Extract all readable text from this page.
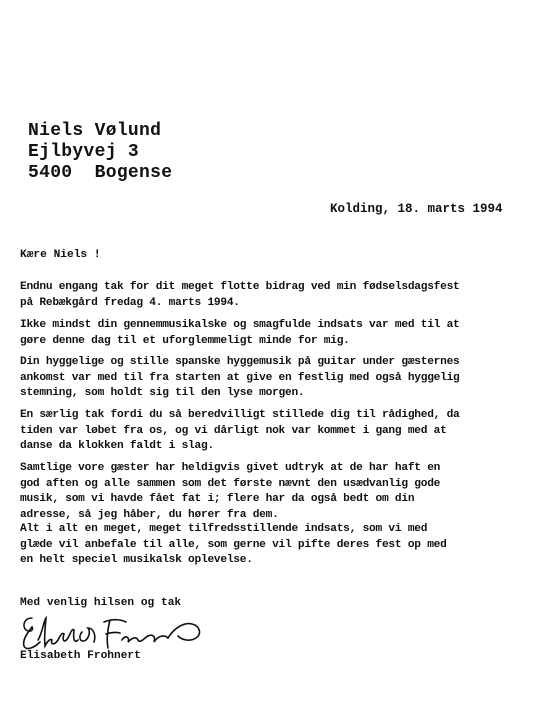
Niels Vølund
Ejlbyvej 3
5400  Bogense
Kolding, 18. marts 1994
Kære Niels !
Endnu engang tak for dit meget flotte bidrag ved min fødselsdagsfest
på Rebækgård fredag 4. marts 1994.
Ikke mindst din gennemmusikalske og smagfulde indsats var med til at
gøre denne dag til et uforglemmeligt minde for mig.
Din hyggelige og stille spanske hyggemusik på guitar under gæsternes
ankomst var med til fra starten at give en festlig med også hyggelig
stemning, som holdt sig til den lyse morgen.
En særlig tak fordi du så beredvilligt stillede dig til rådighed, da
tiden var løbet fra os, og vi dårligt nok var kommet i gang med at
danse da klokken faldt i slag.
Samtlige vore gæster har heldigvis givet udtryk at de har haft en
god aften og alle sammen som det første nævnt den usædvanlig gode
musik, som vi havde fået fat i; flere har da også bedt om din
adresse, så jeg håber, du hører fra dem.
Alt i alt en meget, meget tilfredsstillende indsats, som vi med
glæde vil anbefale til alle, som gerne vil pifte deres fest op med
en helt speciel musikalsk oplevelse.
Med venlig hilsen og tak
Elisabeth Frohnert
